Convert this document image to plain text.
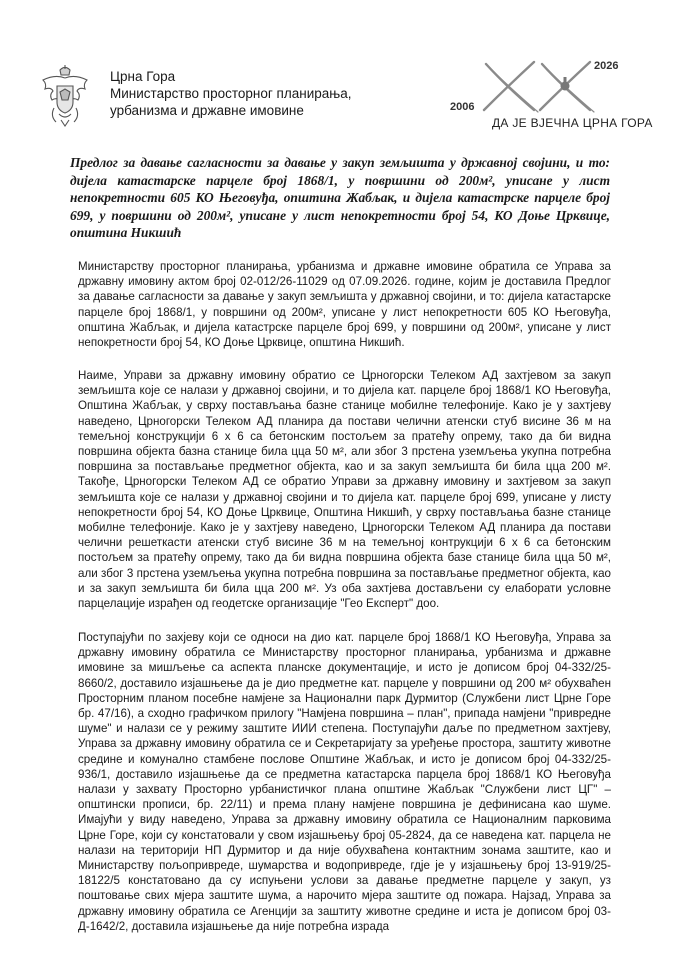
Црна Гора
Министарство просторног планирања,
урбанизма и државне имовине	2006
2026
ДА ЈЕ ВЈЕЧНА ЦРНА ГОРА
Предлог за давање сагласности за давање у закуп земљишта у државној својини, и то: дијела катастарске парцеле број 1868/1, у површини од 200м², уписане у лист непокретности 605 КО Његовуђа, општина Жабљак, и дијела катастрске парцеле број 699, у површини од 200м², уписане у лист непокретности број 54, КО Доње Црквице, општина Никшић
Министарству просторног планирања, урбанизма и државне имовине обратила се Управа за државну имовину актом број 02-012/26-11029 од 07.09.2026. године, којим је доставила Предлог за давање сагласности за давање у закуп земљишта у државној својини, и то: дијела катастарске парцеле број 1868/1, у површини од 200м², уписане у лист непокретности 605 КО Његовуђа, општина Жабљак, и дијела катастрске парцеле број 699, у површини од 200м², уписане у лист непокретности број 54, КО Доње Црквице, општина Никшић.
Наиме, Управи за државну имовину обратио се Црногорски Телеком АД захтјевом за закуп земљишта које се налази у државној својини, и то дијела кат. парцеле број 1868/1 КО Његовуђа, Општина Жабљак, у сврху постављања базне станице мобилне телефоније. Како је у захтјеву наведено, Црногорски Телеком АД планира да постави челични атенски стуб висине 36 м на темељној конструкцији 6 х 6 са бетонским постољем за пратећу опрему, тако да би видна површина објекта базна станице била цца 50 м², али због 3 прстена уземљења укупна потребна површина за постављање предметног објекта, као и за закуп земљишта би била цца 200 м². Такође, Црногорски Телеком АД се обратио Управи за државну имовину и захтјевом за закуп земљишта које се налази у државној својини и то дијела кат. парцеле број 699, уписане у листу непокретности број 54, КО Доње Црквице, Општина Никшић, у сврху постављања базне станице мобилне телефоније. Како је у захтјеву наведено, Црногорски Телеком АД планира да постави челични решеткасти атенски стуб висине 36 м на темељној контрукцији 6 х 6 са бетонским постољем за пратећу опрему, тако да би видна површина објекта базе станице била цца 50 м², али због 3 прстена уземљења укупна потребна површина за постављање предметног објекта, као и за закуп земљишта би била цца 200 м². Уз оба захтјева достављени су елаборати условне парцелације израђен од геодетске организације "Гео Експерт" доо.
Поступајући по захјеву који се односи на дио кат. парцеле број 1868/1 КО Његовуђа, Управа за државну имовину обратила се Министарству просторног планирања, урбанизма и државне имовине за мишљење са аспекта планске документације, и исто је дописом број 04-332/25-8660/2, доставило изјашњење да је дио предметне кат. парцеле у површини од 200 м² обухваћен Просторним планом посебне намјене за Национални парк Дурмитор (Службени лист Црне Горе бр. 47/16), а сходно графичком прилогу "Намјена површина – план", припада намјени "привредне шуме" и налази се у режиму заштите ИИИ степена. Поступајући даље по предметном захтјеву, Управа за државну имовину обратила се и Секретаријату за уређење простора, заштиту животне средине и комунално стамбене послове Општине Жабљак, и исто је дописом број 04-332/25-936/1, доставило изјашњење да се предметна катастарска парцела број 1868/1 КО Његовуђа налази у захвату Просторно урбанистичког плана општине Жабљак "Службени лист ЦГ" – општински прописи, бр. 22/11) и према плану намјене површина је дефинисана као шуме. Имајући у виду наведено, Управа за државну имовину обратила се Националним парковима Црне Горе, који су констатовали у свом изјашњењу број 05-2824, да се наведена кат. парцела не налази на територији НП Дурмитор и да није обухваћена контактним зонама заштите, као и Министарству пољопривреде, шумарства и водопривреде, гдје је у изјашњењу број 13-919/25-18122/5 констатовано да су испуњени услови за давање предметне парцеле у закуп, уз поштовање свих мјера заштите шума, а нарочито мјера заштите од пожара. Најзад, Управа за државну имовину обратила се Агенцији за заштиту животне средине и иста је дописом број 03-Д-1642/2, доставила изјашњење да није потребна израда
